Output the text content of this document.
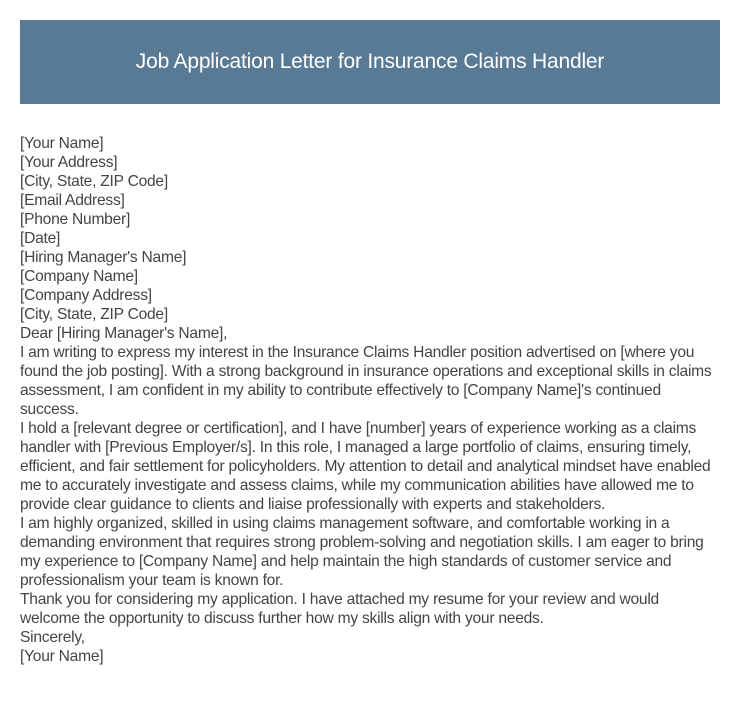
Job Application Letter for Insurance Claims Handler
[Your Name]
[Your Address]
[City, State, ZIP Code]
[Email Address]
[Phone Number]
[Date]
[Hiring Manager's Name]
[Company Name]
[Company Address]
[City, State, ZIP Code]
Dear [Hiring Manager's Name],

I am writing to express my interest in the Insurance Claims Handler position advertised on [where you found the job posting]. With a strong background in insurance operations and exceptional skills in claims assessment, I am confident in my ability to contribute effectively to [Company Name]'s continued success.

I hold a [relevant degree or certification], and I have [number] years of experience working as a claims handler with [Previous Employer/s]. In this role, I managed a large portfolio of claims, ensuring timely, efficient, and fair settlement for policyholders. My attention to detail and analytical mindset have enabled me to accurately investigate and assess claims, while my communication abilities have allowed me to provide clear guidance to clients and liaise professionally with experts and stakeholders.

I am highly organized, skilled in using claims management software, and comfortable working in a demanding environment that requires strong problem-solving and negotiation skills. I am eager to bring my experience to [Company Name] and help maintain the high standards of customer service and professionalism your team is known for.

Thank you for considering my application. I have attached my resume for your review and would welcome the opportunity to discuss further how my skills align with your needs.

Sincerely,
[Your Name]
